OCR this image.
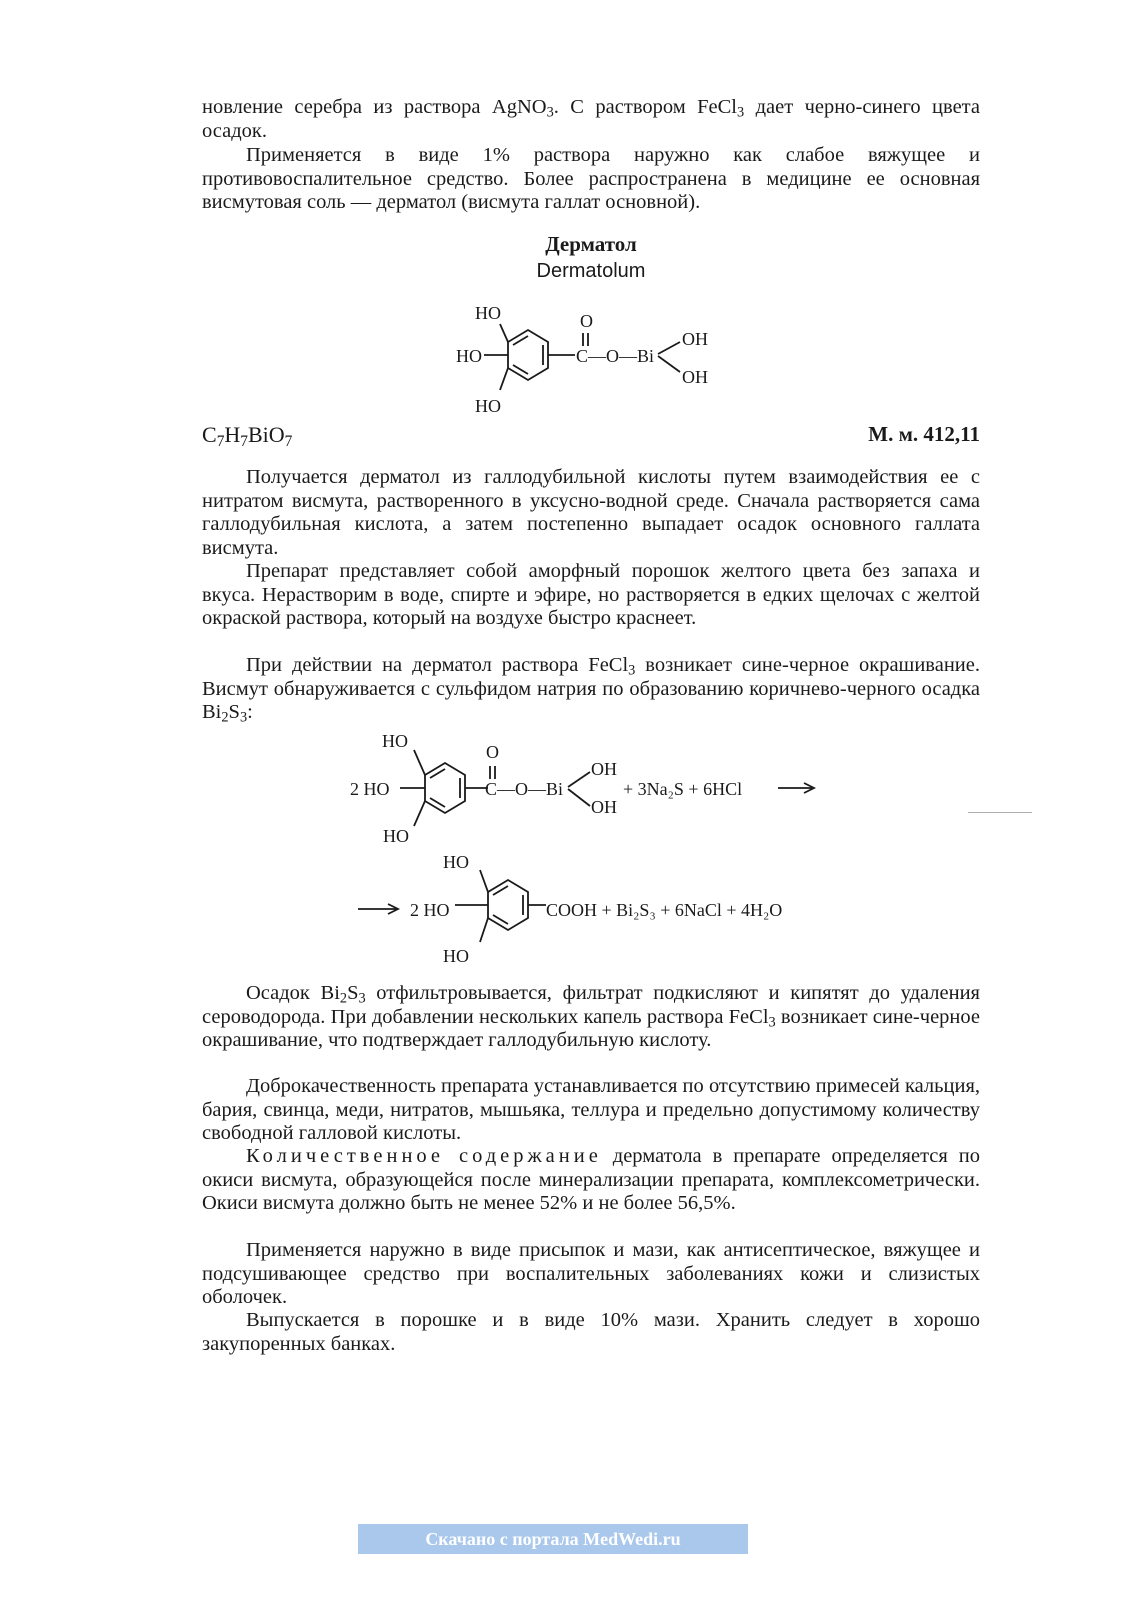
новление серебра из раствора AgNO$_3$. С раствором FeCl$_3$ дает черно-синего цвета осадок.
Применяется в виде 1% раствора наружно как слабое вяжущее и противовоспалительное средство. Более распространена в медицине ее основная висмутовая соль — дерматол (висмута галлат основной).
Дерматол
Dermatolum
HO
HO
HO
O
C—O—Bi
OH
OH
$C_7H_7BiO_7$	М. м. 412,11
Получается дерматол из галлодубильной кислоты путем взаимодействия ее с нитратом висмута, растворенного в уксусно-водной среде. Сначала растворяется сама галлодубильная кислота, а затем постепенно выпадает осадок основного галлата висмута.
Препарат представляет собой аморфный порошок желтого цвета без запаха и вкуса. Нерастворим в воде, спирте и эфире, но растворяется в едких щелочах с желтой окраской раствора, который на воздухе быстро краснеет.
При действии на дерматол раствора FeCl$_3$ возникает сине-черное окрашивание. Висмут обнаруживается с сульфидом натрия по образованию коричнево-черного осадка $Bi_2S_3$:
HO
2 HO
HO
O
C—O—Bi
OH
OH
+ 3Na₂S + 6HCl
HO
2 HO
HO
COOH + Bi₂S₃ + 6NaCl + 4H₂O
Осадок $Bi_2S_3$ отфильтровывается, фильтрат подкисляют и кипятят до удаления сероводорода. При добавлении нескольких капель раствора FeCl$_3$ возникает сине-черное окрашивание, что подтверждает галлодубильную кислоту.
Доброкачественность препарата устанавливается по отсутствию примесей кальция, бария, свинца, меди, нитратов, мышьяка, теллура и предельно допустимому количеству свободной галловой кислоты.
Количественное содержание дерматола в препарате определяется по окиси висмута, образующейся после минерализации препарата, комплексометрически. Окиси висмута должно быть не менее 52% и не более 56,5%.
Применяется наружно в виде присыпок и мази, как антисептическое, вяжущее и подсушивающее средство при воспалительных заболеваниях кожи и слизистых оболочек.
Выпускается в порошке и в виде 10% мази. Хранить следует в хорошо закупоренных банках.
Скачано с портала MedWedi.ru
